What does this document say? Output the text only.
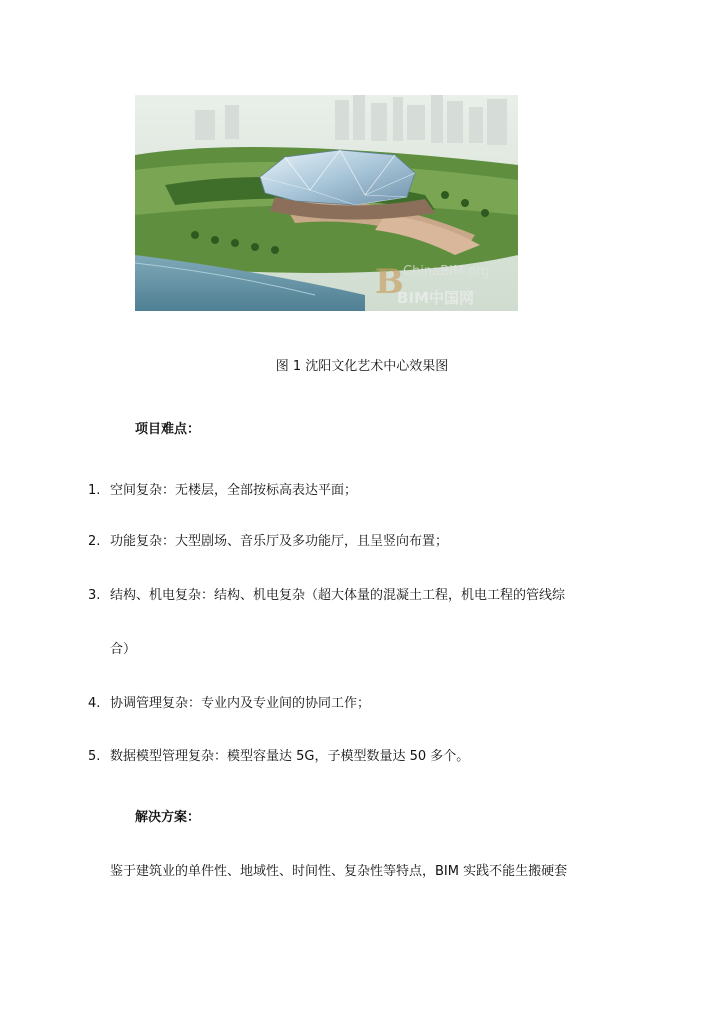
B ChinaBIM.org
BIM中国网
图 1 沈阳文化艺术中心效果图
项目难点：
1. 空间复杂：无楼层，全部按标高表达平面；
2. 功能复杂：大型剧场、音乐厅及多功能厅，且呈竖向布置；
3. 结构、机电复杂：结构、机电复杂（超大体量的混凝土工程，机电工程的管线综
合）
4. 协调管理复杂：专业内及专业间的协同工作；
5. 数据模型管理复杂：模型容量达 5G，子模型数量达 50 多个。
解决方案：
鉴于建筑业的单件性、地域性、时间性、复杂性等特点，BIM 实践不能生搬硬套
